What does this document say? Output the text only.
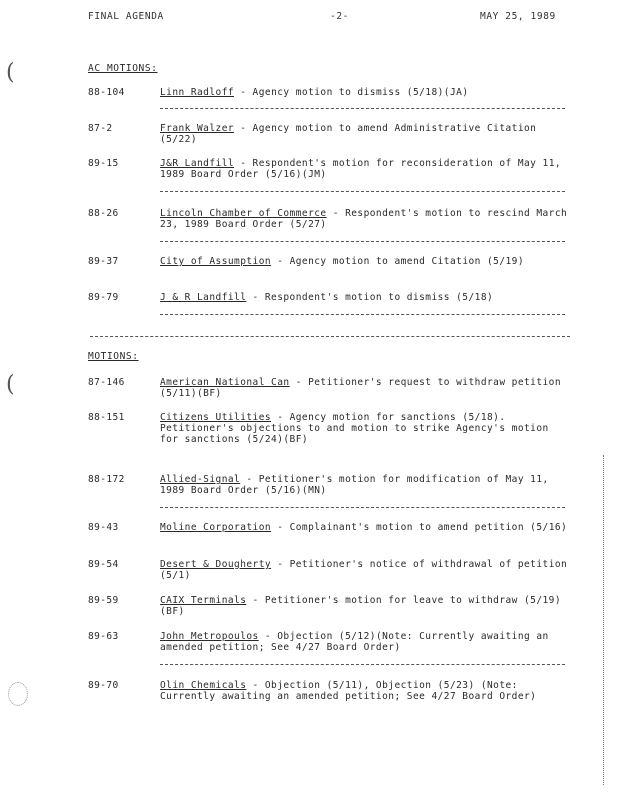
FINAL AGENDA	-2-	MAY 25, 1989
(
(
AC MOTIONS:
88-104	Linn Radloff - Agency motion to dismiss (5/18)(JA)
87-2	Frank Walzer - Agency motion to amend Administrative Citation (5/22)
89-15	J&R Landfill - Respondent's motion for reconsideration of May 11, 1989 Board Order (5/16)(JM)
88-26	Lincoln Chamber of Commerce - Respondent's motion to rescind March 23, 1989 Board Order (5/27)
89-37	City of Assumption - Agency motion to amend Citation (5/19)
89-79	J & R Landfill - Respondent's motion to dismiss (5/18)
MOTIONS:
87-146	American National Can - Petitioner's request to withdraw petition (5/11)(BF)
88-151	Citizens Utilities - Agency motion for sanctions (5/18). Petitioner's objections to and motion to strike Agency's motion for sanctions (5/24)(BF)
88-172	Allied-Signal - Petitioner's motion for modification of May 11, 1989 Board Order (5/16)(MN)
89-43	Moline Corporation - Complainant's motion to amend petition (5/16)
89-54	Desert & Dougherty - Petitioner's notice of withdrawal of petition (5/1)
89-59	CAIX Terminals - Petitioner's motion for leave to withdraw (5/19)(BF)
89-63	John Metropoulos - Objection (5/12)(Note: Currently awaiting an amended petition; See 4/27 Board Order)
89-70	Olin Chemicals - Objection (5/11), Objection (5/23) (Note: Currently awaiting an amended petition; See 4/27 Board Order)
